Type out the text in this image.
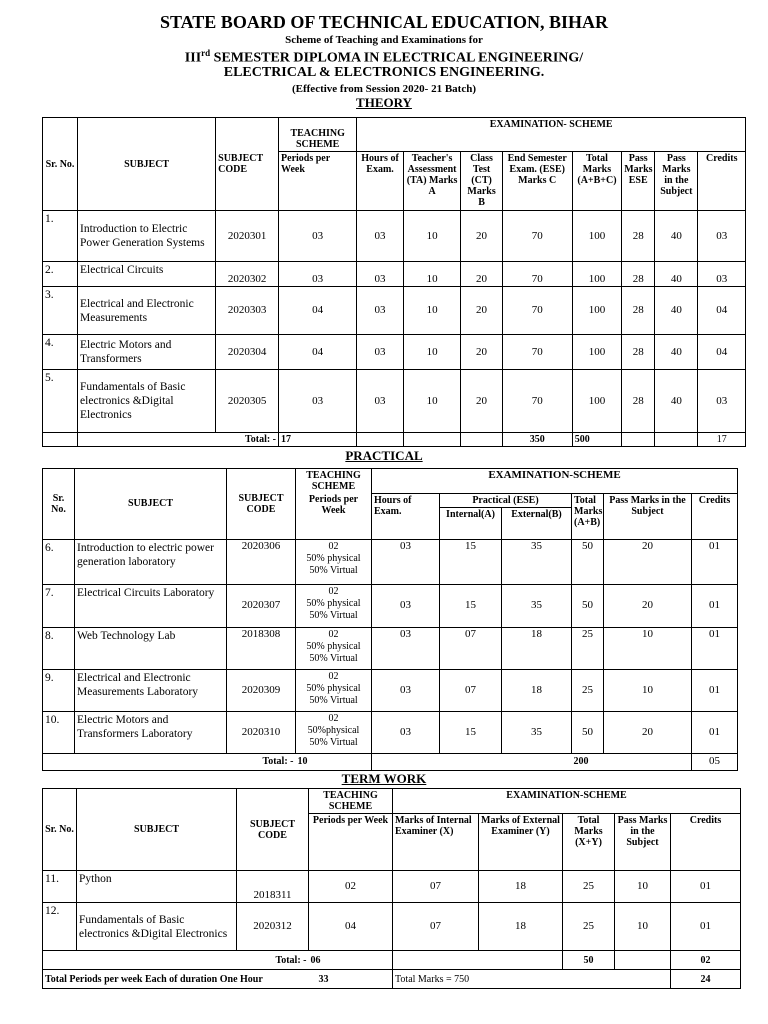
STATE BOARD OF TECHNICAL EDUCATION, BIHAR
Scheme of Teaching and Examinations for
IIIrd SEMESTER DIPLOMA IN ELECTRICAL ENGINEERING/
ELECTRICAL & ELECTRONICS ENGINEERING.
(Effective from Session 2020- 21 Batch)
THEORY
Sr. No.	SUBJECT	SUBJECT CODE	TEACHING SCHEME	EXAMINATION- SCHEME							
			Periods per Week	Hours of Exam.	Teacher's Assessment (TA) Marks A	Class Test (CT) Marks B	End Semester Exam. (ESE) Marks C	Total Marks (A+B+C)	Pass Marks ESE	Pass Marks in the Subject	Credits
1.	Introduction to Electric Power Generation Systems	2020301	03	03	10	20	70	100	28	40	03
2.	Electrical Circuits	2020302	03	03	10	20	70	100	28	40	03
3.	Electrical and Electronic Measurements	2020303	04	03	10	20	70	100	28	40	04
4.	Electric Motors and Transformers	2020304	04	03	10	20	70	100	28	40	04
5.	Fundamentals of Basic electronics &Digital Electronics	2020305	03	03	10	20	70	100	28	40	03
	Total: -		17				350	500			17
PRACTICAL
Sr. No.	SUBJECT	SUBJECT CODE	TEACHING SCHEME	EXAMINATION-SCHEME					
			Periods per Week	Hours of Exam.	Practical (ESE)		Total Marks (A+B)	Pass Marks in the Subject	Credits
					Internal(A)	External(B)			
6.	Introduction to electric power generation laboratory	2020306	02
50% physical
50% Virtual	03	15	35	50	20	01
7.	Electrical Circuits Laboratory	2020307	02
50% physical
50% Virtual	03	15	35	50	20	01
8.	Web Technology Lab	2018308	02
50% physical
50% Virtual	03	07	18	25	10	01
9.	Electrical and Electronic Measurements Laboratory	2020309	02
50% physical
50% Virtual	03	07	18	25	10	01
10.	Electric Motors and Transformers Laboratory	2020310	02
50%physical
50% Virtual	03	15	35	50	20	01
Total: -			10				200		05
TERM WORK
Sr. No.	SUBJECT	SUBJECT CODE	TEACHING SCHEME	EXAMINATION-SCHEME				
			Periods per Week	Marks of Internal Examiner (X)	Marks of External Examiner (Y)	Total Marks (X+Y)	Pass Marks in the Subject	Credits
11.	Python	2018311	02	07	18	25	10	01
12.	Fundamentals of Basic electronics &Digital Electronics	2020312	04	07	18	25	10	01
Total: -			06			50		02
Total Periods per week Each of duration One Hour			33	Total Marks = 750				24
